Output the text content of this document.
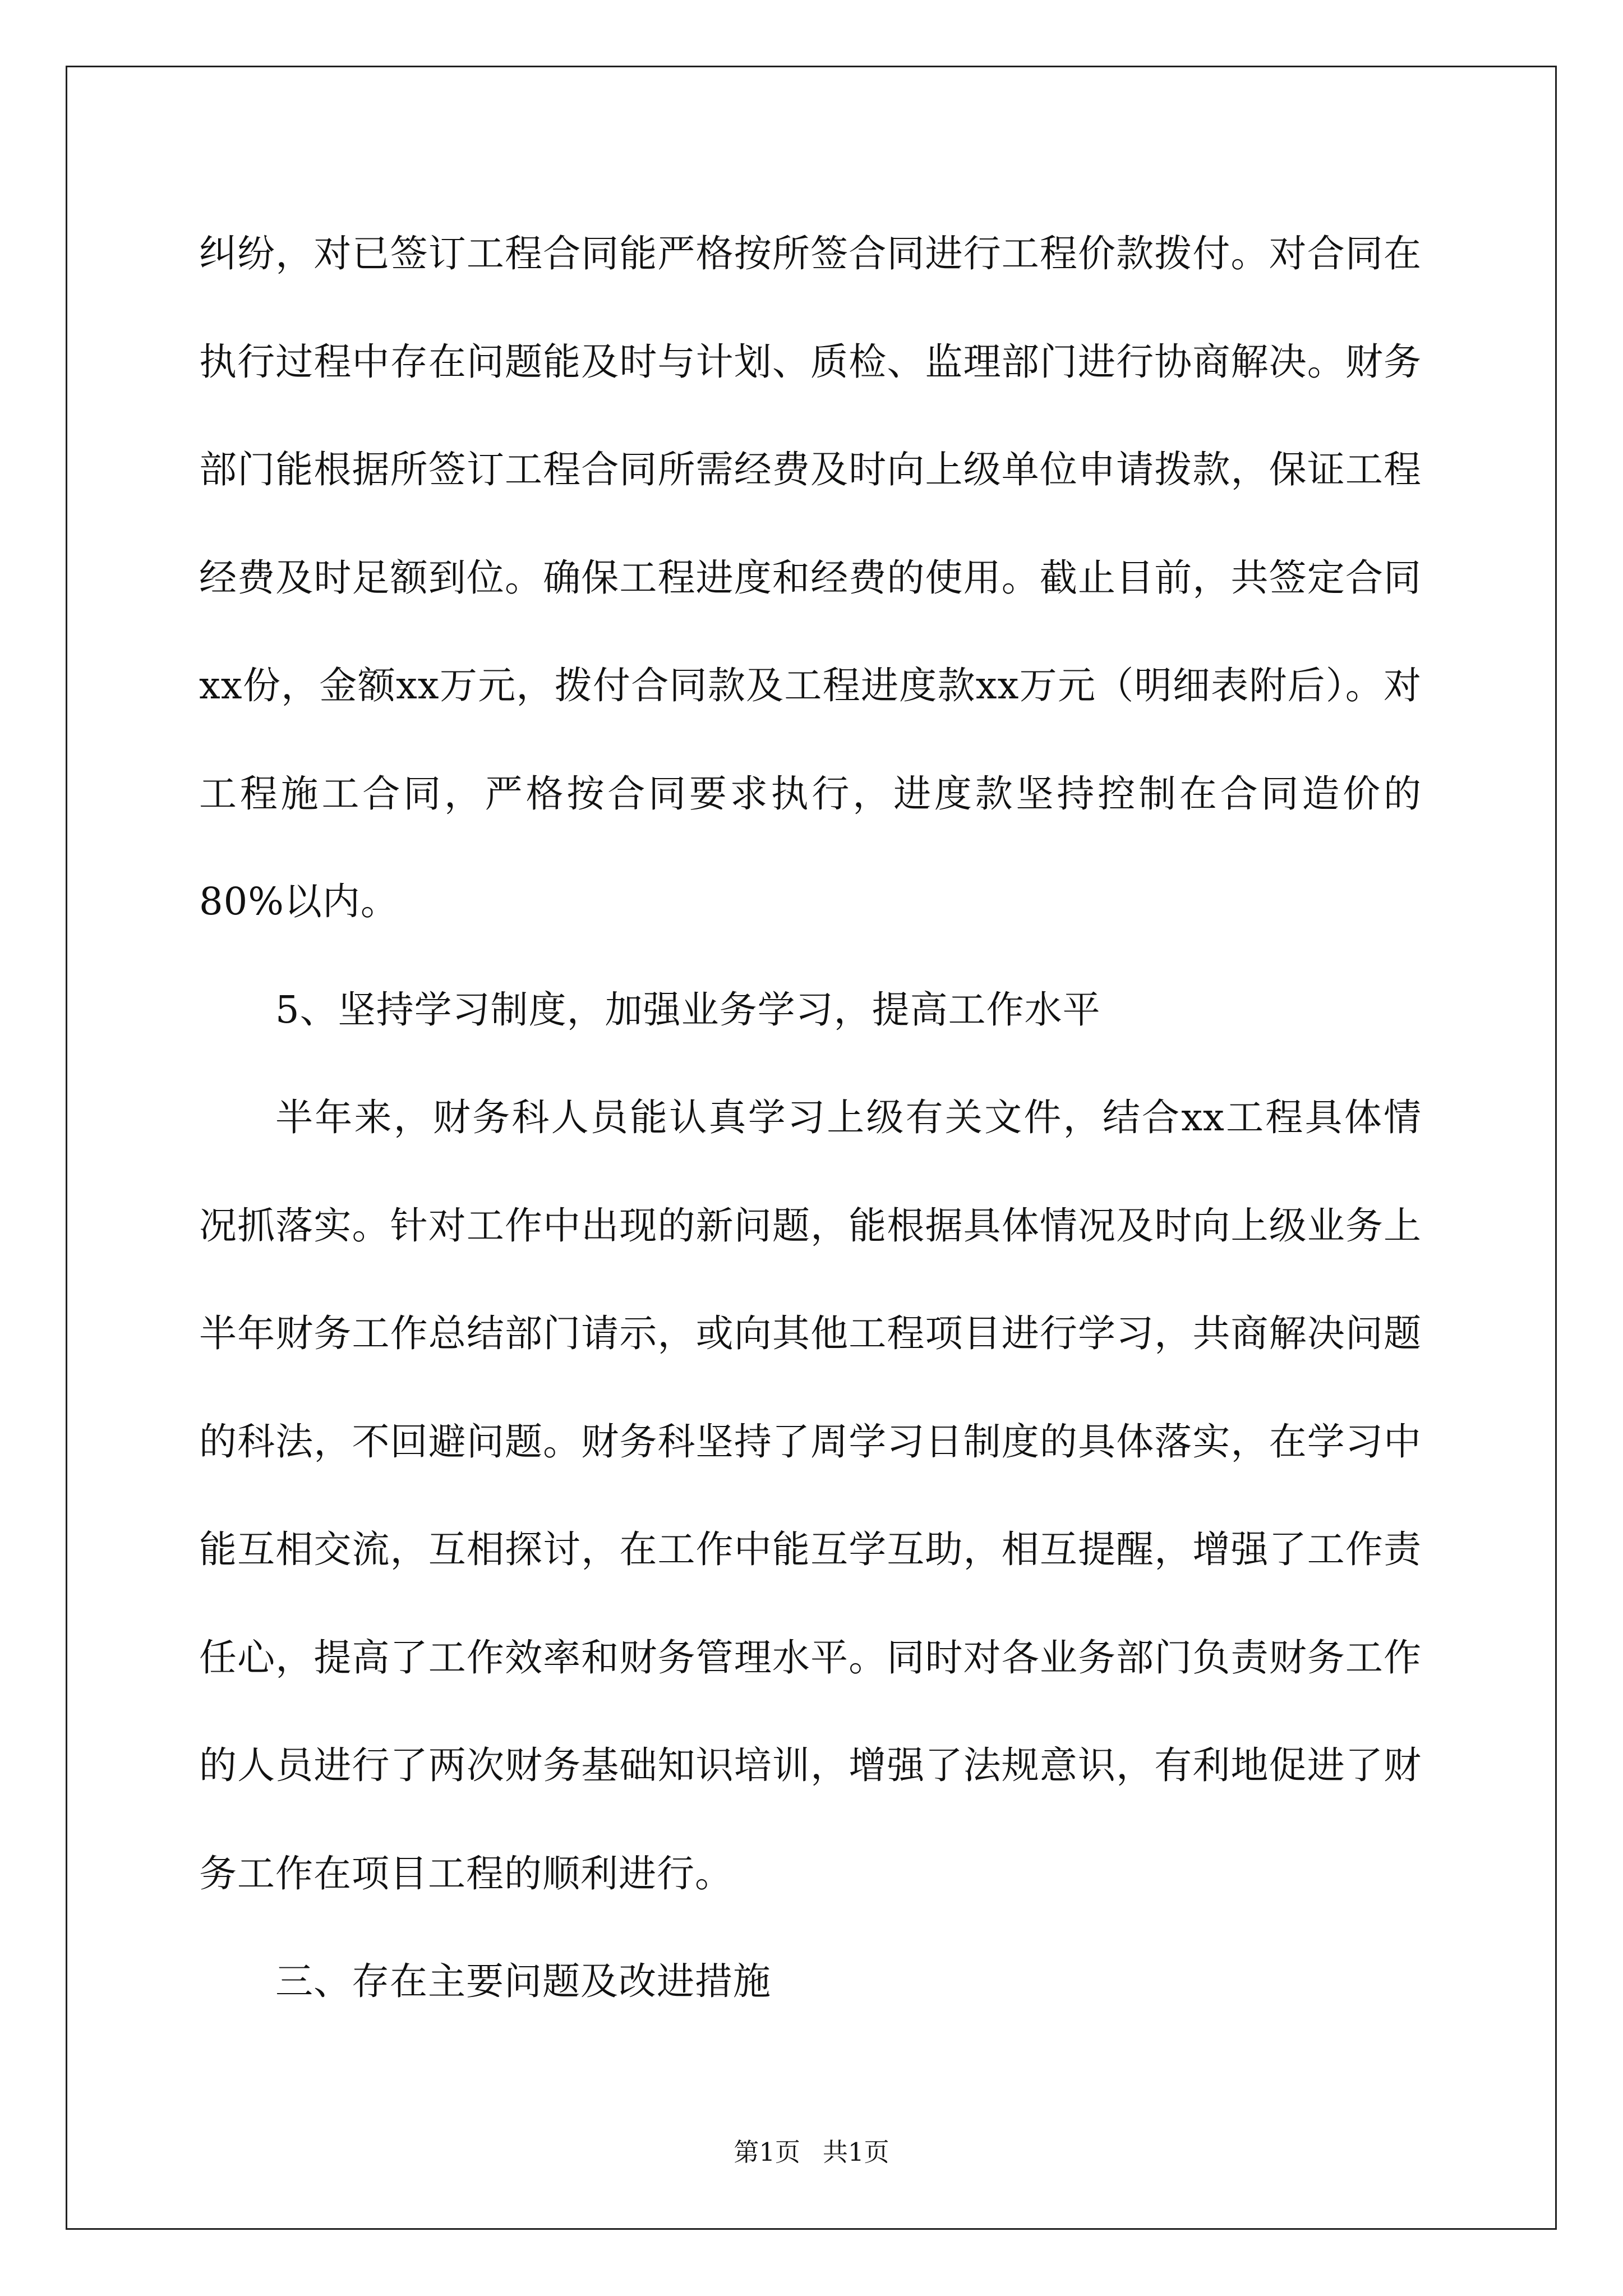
纠纷，对已签订工程合同能严格按所签合同进行工程价款拨付。对合同在执行过程中存在问题能及时与计划、质检、监理部门进行协商解决。财务部门能根据所签订工程合同所需经费及时向上级单位申请拨款，保证工程经费及时足额到位。确保工程进度和经费的使用。截止目前，共签定合同xx份，金额xx万元，拨付合同款及工程进度款xx万元（明细表附后）。对工程施工合同，严格按合同要求执行，进度款坚持控制在合同造价的80%以内。

5、坚持学习制度，加强业务学习，提高工作水平

半年来，财务科人员能认真学习上级有关文件，结合xx工程具体情况抓落实。针对工作中出现的新问题，能根据具体情况及时向上级业务上半年财务工作总结部门请示，或向其他工程项目进行学习，共商解决问题的科法，不回避问题。财务科坚持了周学习日制度的具体落实，在学习中能互相交流，互相探讨，在工作中能互学互助，相互提醒，增强了工作责任心，提高了工作效率和财务管理水平。同时对各业务部门负责财务工作的人员进行了两次财务基础知识培训，增强了法规意识，有利地促进了财务工作在项目工程的顺利进行。

三、存在主要问题及改进措施

第1页 共1页
